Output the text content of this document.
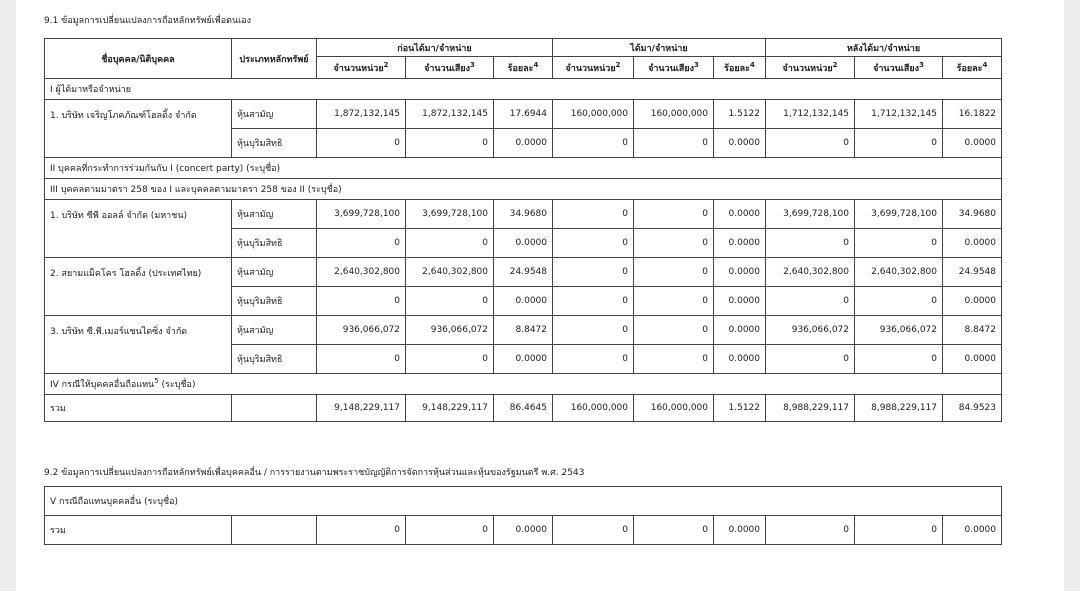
9.1 ข้อมูลการเปลี่ยนแปลงการถือหลักทรัพย์เพื่อตนเอง
ชื่อบุคคล/นิติบุคคล	ประเภทหลักทรัพย์	ก่อนได้มา/จำหน่าย			ได้มา/จำหน่าย			หลังได้มา/จำหน่าย		
		จำนวนหน่วย$^2$	จำนวนเสียง$^3$	ร้อยละ$^4$	จำนวนหน่วย$^2$	จำนวนเสียง$^3$	ร้อยละ$^4$	จำนวนหน่วย$^2$	จำนวนเสียง$^3$	ร้อยละ$^4$
I ผู้ได้มาหรือจำหน่าย										
1. บริษัท เจริญโภคภัณฑ์โฮลดิ้ง จำกัด	หุ้นสามัญ	1,872,132,145	1,872,132,145	17.6944	160,000,000	160,000,000	1.5122	1,712,132,145	1,712,132,145	16.1822
	หุ้นบุริมสิทธิ	0	0	0.0000	0	0	0.0000	0	0	0.0000
II บุคคลที่กระทำการร่วมกันกับ I (concert party) (ระบุชื่อ)										
III บุคคลตามมาตรา 258 ของ I และบุคคลตามมาตรา 258 ของ II (ระบุชื่อ)										
1. บริษัท ซีพี ออลล์ จำกัด (มหาชน)	หุ้นสามัญ	3,699,728,100	3,699,728,100	34.9680	0	0	0.0000	3,699,728,100	3,699,728,100	34.9680
	หุ้นบุริมสิทธิ	0	0	0.0000	0	0	0.0000	0	0	0.0000
2. สยามแม็คโคร โฮลดิ้ง (ประเทศไทย)	หุ้นสามัญ	2,640,302,800	2,640,302,800	24.9548	0	0	0.0000	2,640,302,800	2,640,302,800	24.9548
	หุ้นบุริมสิทธิ	0	0	0.0000	0	0	0.0000	0	0	0.0000
3. บริษัท ซี.พี.เมอร์แชนไดซิ่ง จำกัด	หุ้นสามัญ	936,066,072	936,066,072	8.8472	0	0	0.0000	936,066,072	936,066,072	8.8472
	หุ้นบุริมสิทธิ	0	0	0.0000	0	0	0.0000	0	0	0.0000
IV กรณีให้บุคคลอื่นถือแทน$^5$ (ระบุชื่อ)										
รวม		9,148,229,117	9,148,229,117	86.4645	160,000,000	160,000,000	1.5122	8,988,229,117	8,988,229,117	84.9523
9.2 ข้อมูลการเปลี่ยนแปลงการถือหลักทรัพย์เพื่อบุคคลอื่น / การรายงานตามพระราชบัญญัติการจัดการหุ้นส่วนและหุ้นของรัฐมนตรี พ.ศ. 2543
V กรณีถือแทนบุคคลอื่น (ระบุชื่อ)
รวม		0	0	0.0000	0	0	0.0000	0	0	0.0000
